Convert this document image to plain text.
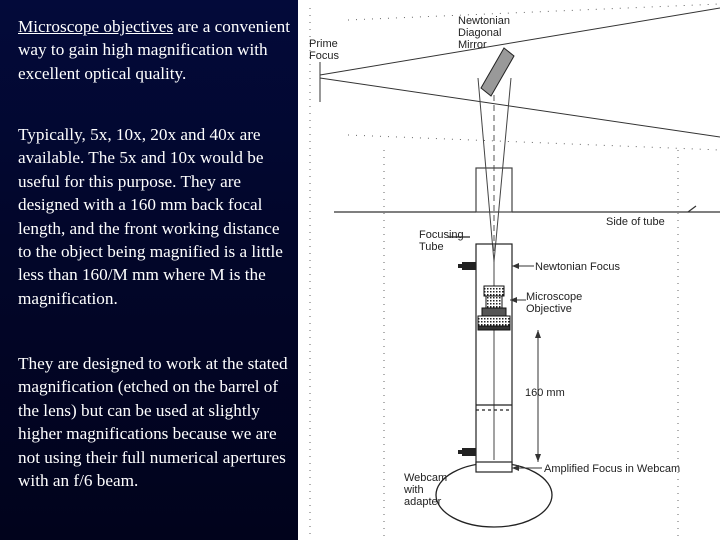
Microscope objectives are a convenient way to gain high magnification with excellent optical quality.

Typically, 5x, 10x, 20x and 40x are available. The 5x and 10x would be useful for this purpose. They are designed with a 160 mm back focal length, and the front working distance to the object being magnified is a little less than 160/M mm where M is the magnification.

They are designed to work at the stated magnification (etched on the barrel of the lens) but can be used at slightly higher magnifications because we are not using their full numerical apertures with an f/6 beam.

Newtonian Diagonal Mirror
Prime Focus
Side of tube
Focusing Tube
Newtonian Focus
Microscope Objective
160 mm
Amplified Focus in Webcam
Webcam with adapter
